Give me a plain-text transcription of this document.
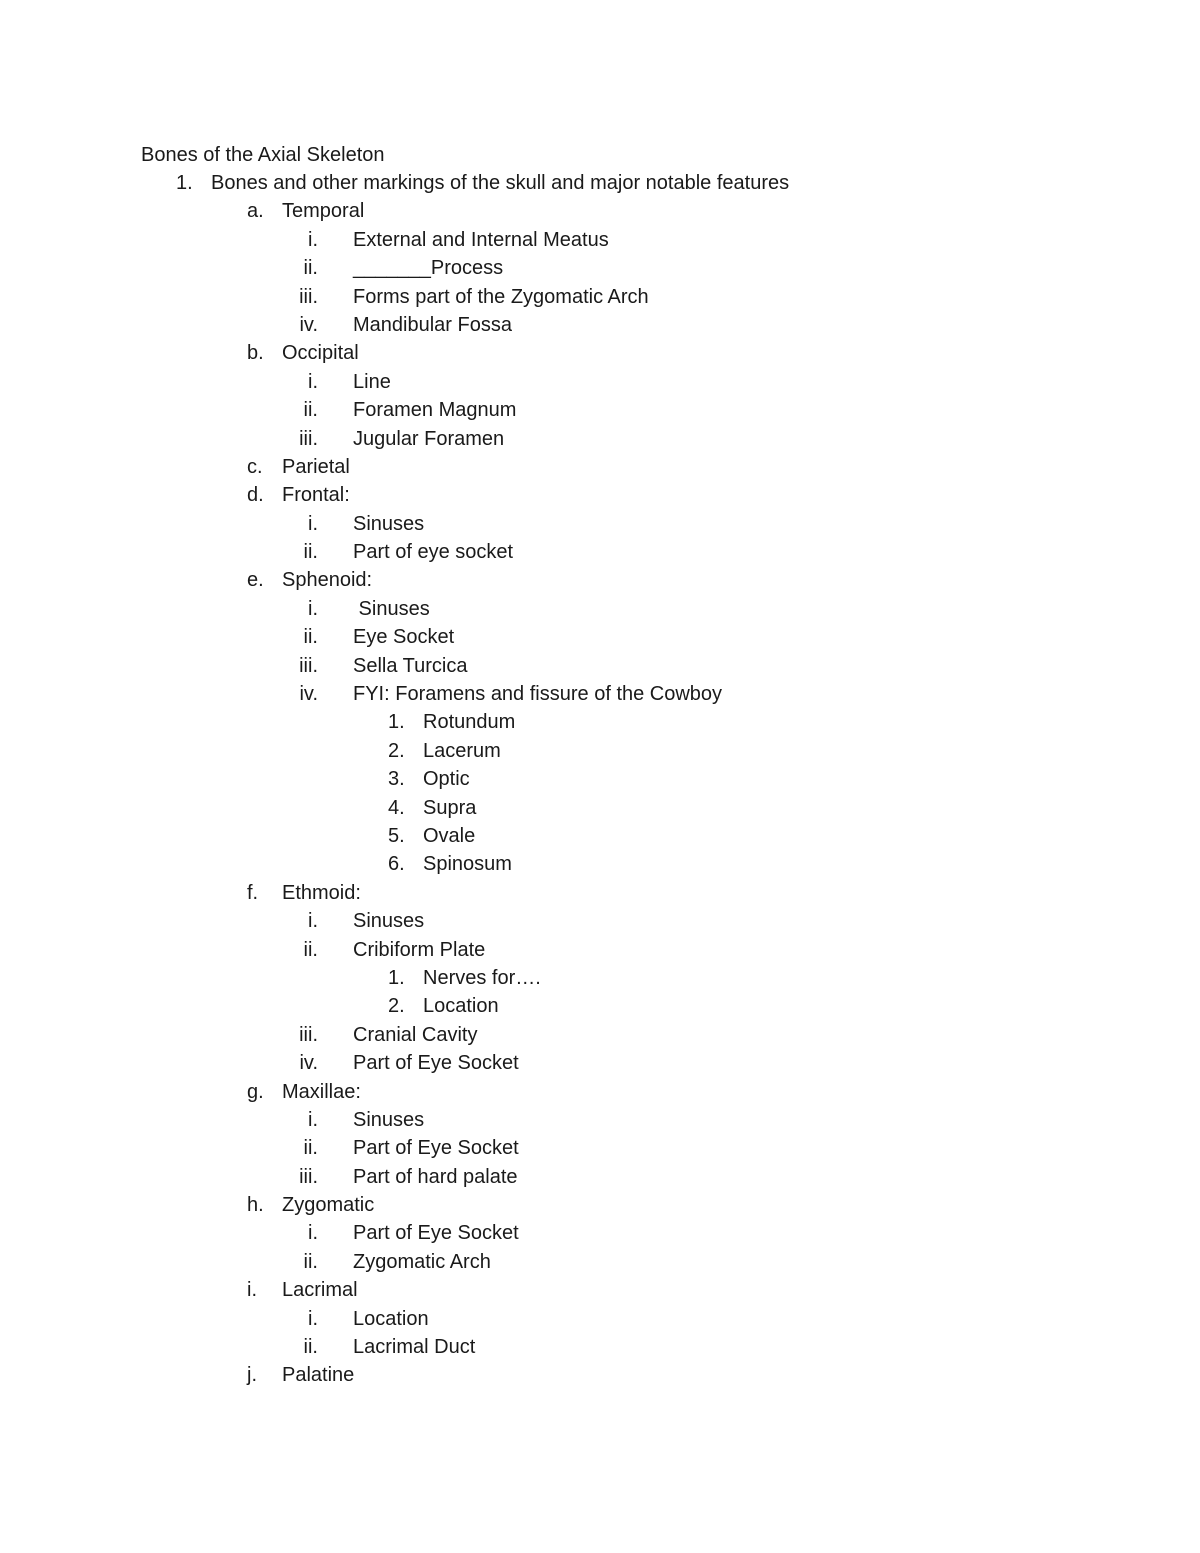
Bones of the Axial Skeleton
1. Bones and other markings of the skull and major notable features
a. Temporal
i. External and Internal Meatus
ii. _______Process
iii. Forms part of the Zygomatic Arch
iv. Mandibular Fossa
b. Occipital
i. Line
ii. Foramen Magnum
iii. Jugular Foramen
c. Parietal
d. Frontal:
i. Sinuses
ii. Part of eye socket
e. Sphenoid:
i. Sinuses
ii. Eye Socket
iii. Sella Turcica
iv. FYI: Foramens and fissure of the Cowboy
1. Rotundum
2. Lacerum
3. Optic
4. Supra
5. Ovale
6. Spinosum
f. Ethmoid:
i. Sinuses
ii. Cribiform Plate
1. Nerves for….
2. Location
iii. Cranial Cavity
iv. Part of Eye Socket
g. Maxillae:
i. Sinuses
ii. Part of Eye Socket
iii. Part of hard palate
h. Zygomatic
i. Part of Eye Socket
ii. Zygomatic Arch
i. Lacrimal
i. Location
ii. Lacrimal Duct
j. Palatine
